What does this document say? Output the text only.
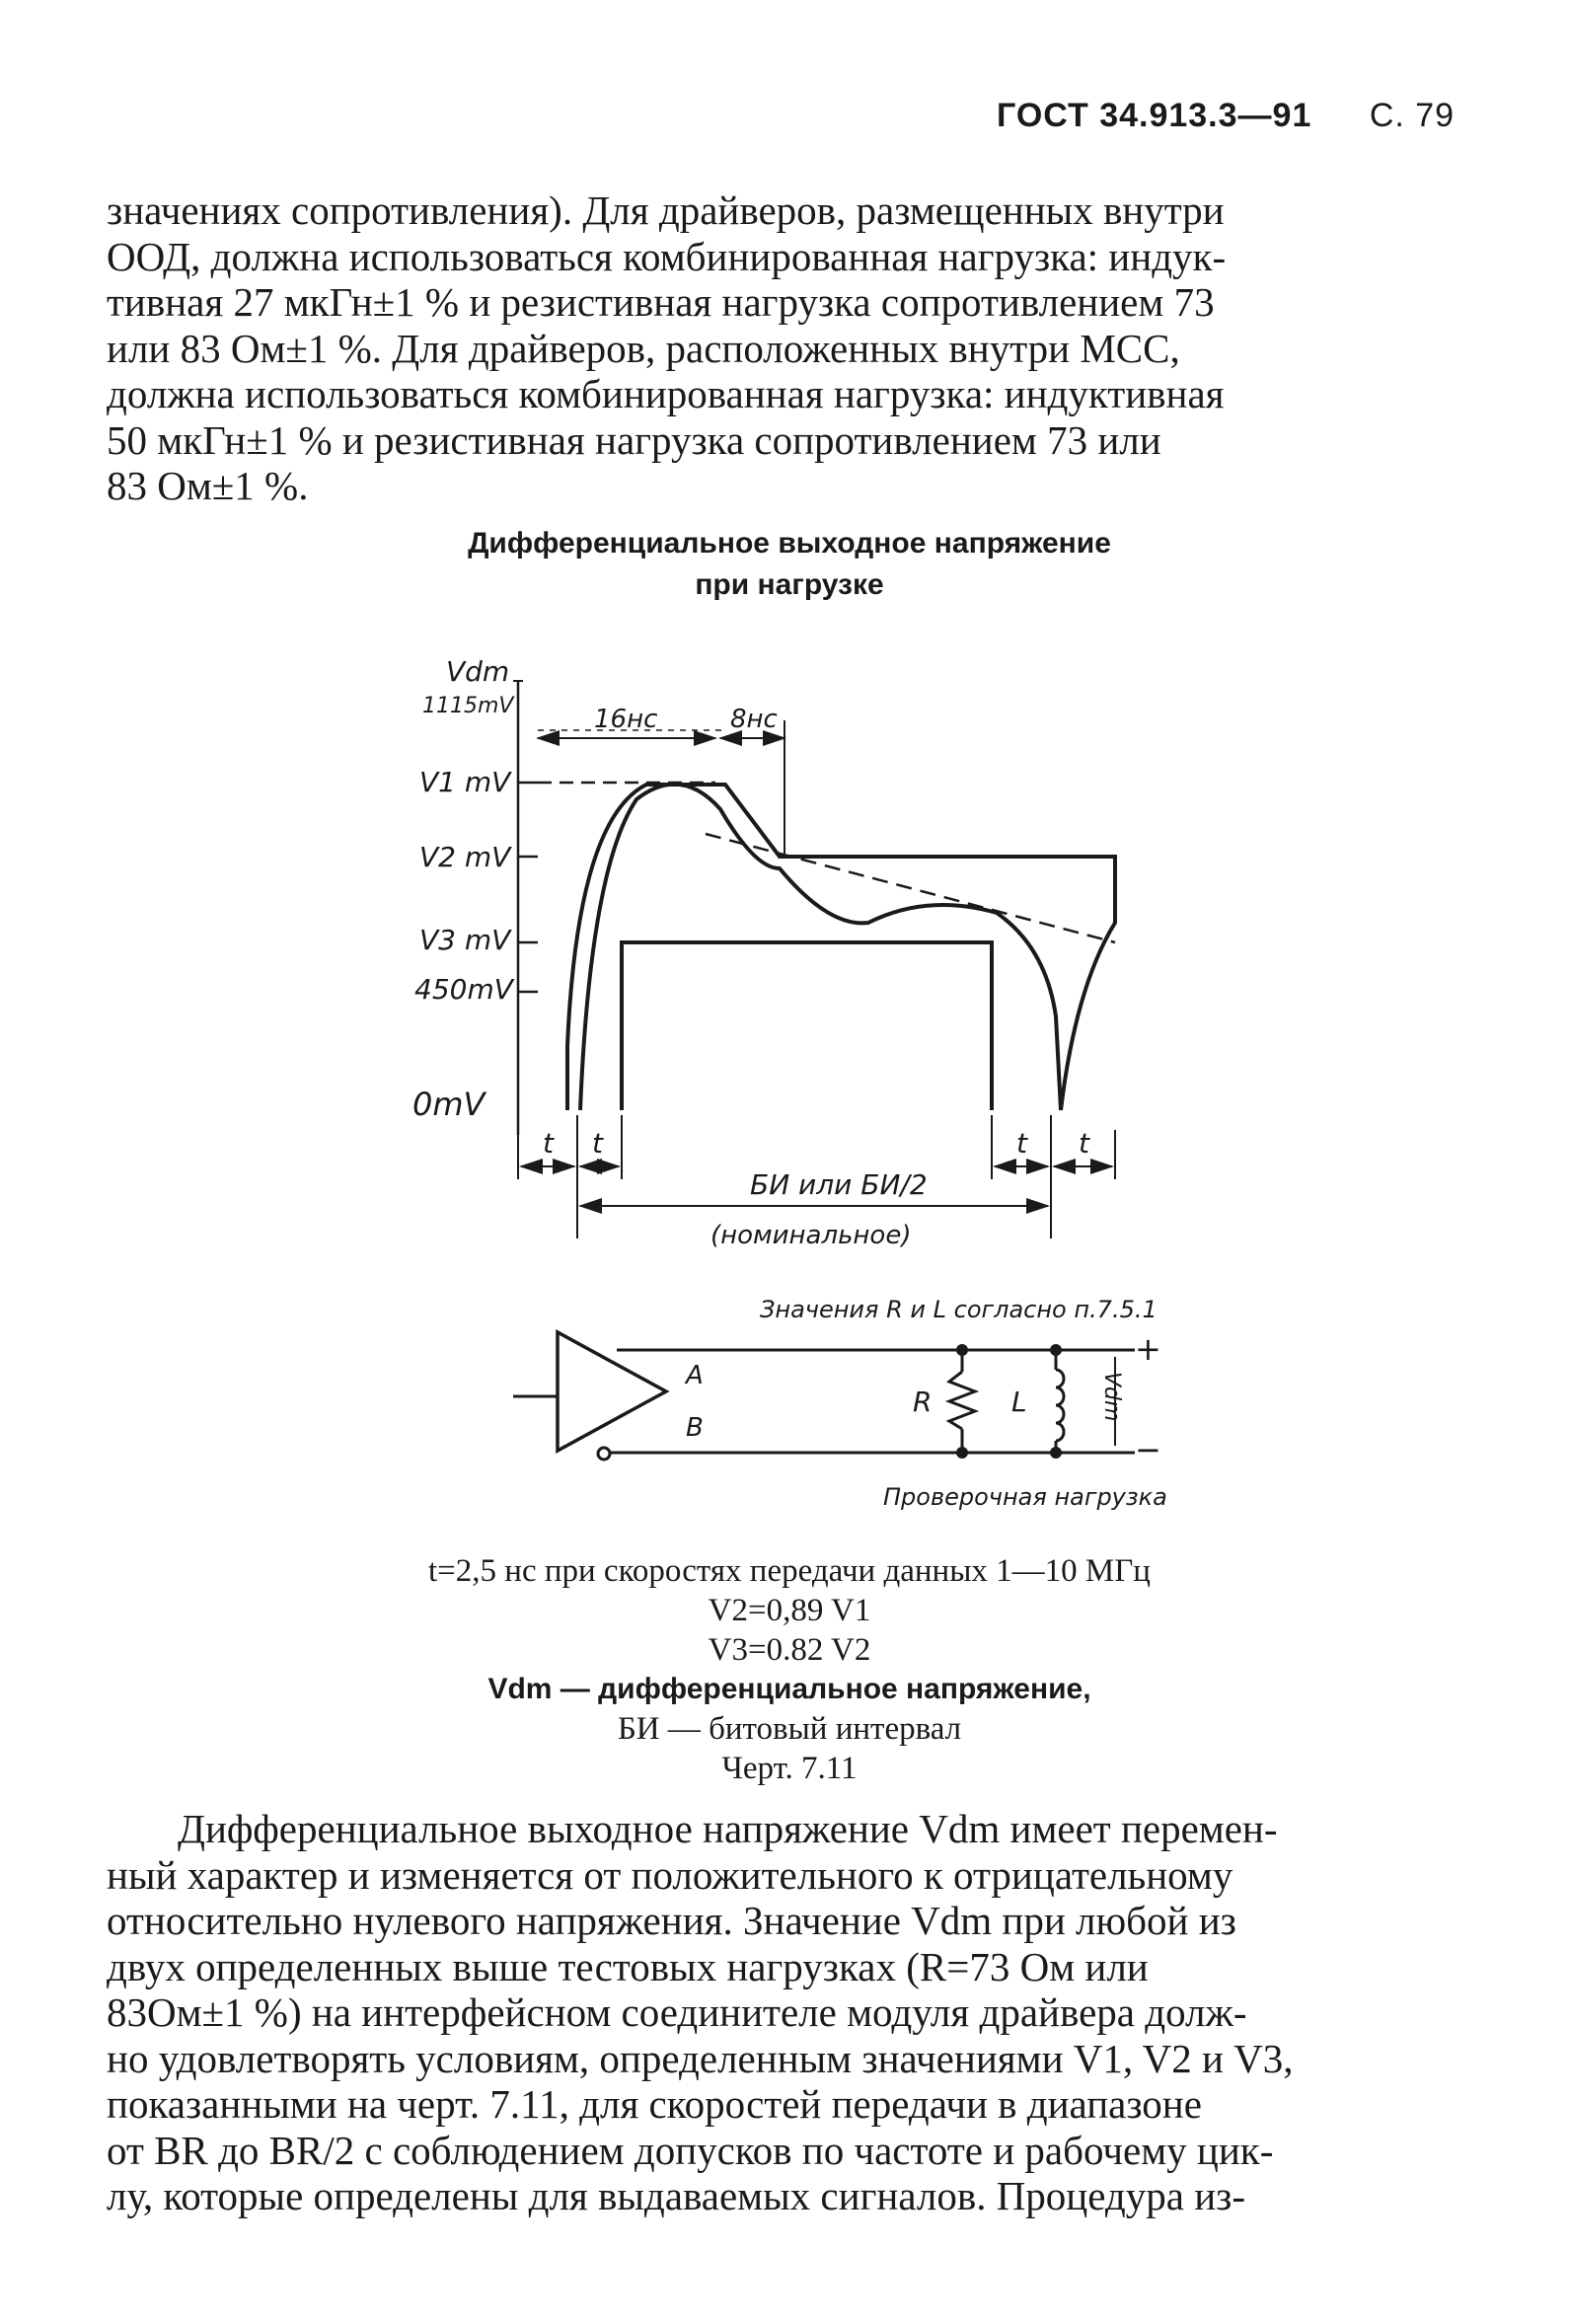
ГОСТ 34.913.3—91 С. 79

значениях сопротивления). Для драйверов, размещенных внутри

ООД, должна использоваться комбинированная нагрузка: индук-

тивная 27 мкГн±1 % и резистивная нагрузка сопротивлением 73

или 83 Ом±1 %. Для драйверов, расположенных внутри МСС,

должна использоваться комбинированная нагрузка: индуктивная

50 мкГн±1 % и резистивная нагрузка сопротивлением 73 или

83 Ом±1 %.

Дифференциальное выходное напряжение
при нагрузке
Vdm
1115mV
V1 mV
V2 mV
V3 mV
450mV
0mV
16нс	8нс
t t	t t
БИ или БИ/2
(номинальное)
Значения R и L согласно п.7.5.1
Проверочная нагрузка
A
B
R	L	Vdm
+
−
t=2,5 нс при скоростях передачи данных 1—10 МГц
V2=0,89 V1
V3=0.82 V2
Vdm — дифференциальное напряжение,
БИ — битовый интервал
Черт. 7.11

Дифференциальное выходное напряжение Vdm имеет перемен-

ный характер и изменяется от положительного к отрицательному

относительно нулевого напряжения. Значение Vdm при любой из

двух определенных выше тестовых нагрузках (R=73 Ом или

83Ом±1 %) на интерфейсном соединителе модуля драйвера долж-

но удовлетворять условиям, определенным значениями V1, V2 и V3,

показанными на черт. 7.11, для скоростей передачи в диапазоне

от BR до BR/2 с соблюдением допусков по частоте и рабочему цик-

лу, которые определены для выдаваемых сигналов. Процедура из-
